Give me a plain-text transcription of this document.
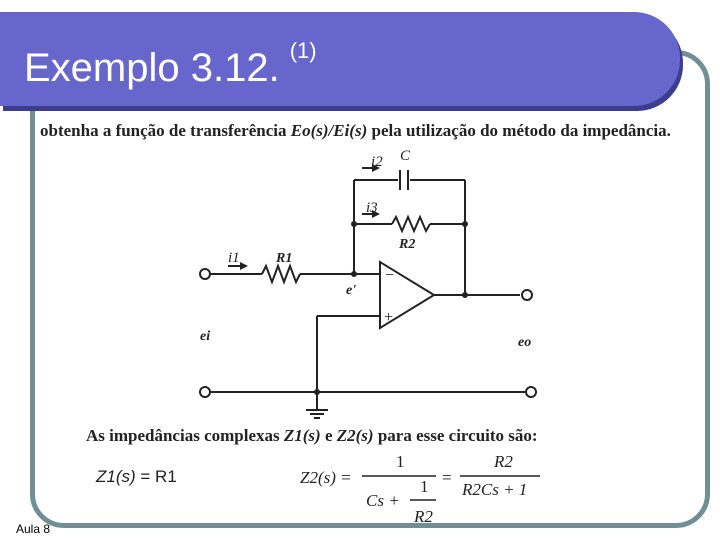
Exemplo 3.12. $^{(1)}$
obtenha a função de transferência Eo(s)/Ei(s) pela utilização do método da impedância.
i2 C
i3
R2
i1	R1
e'
−
+
ei	eo
As impedâncias complexas Z1(s) e Z2(s) para esse circuito são:
Z1(s) = R1	Z2(s) =
1
Cs +
1
R2
=
R2
R2Cs + 1
Aula 8
